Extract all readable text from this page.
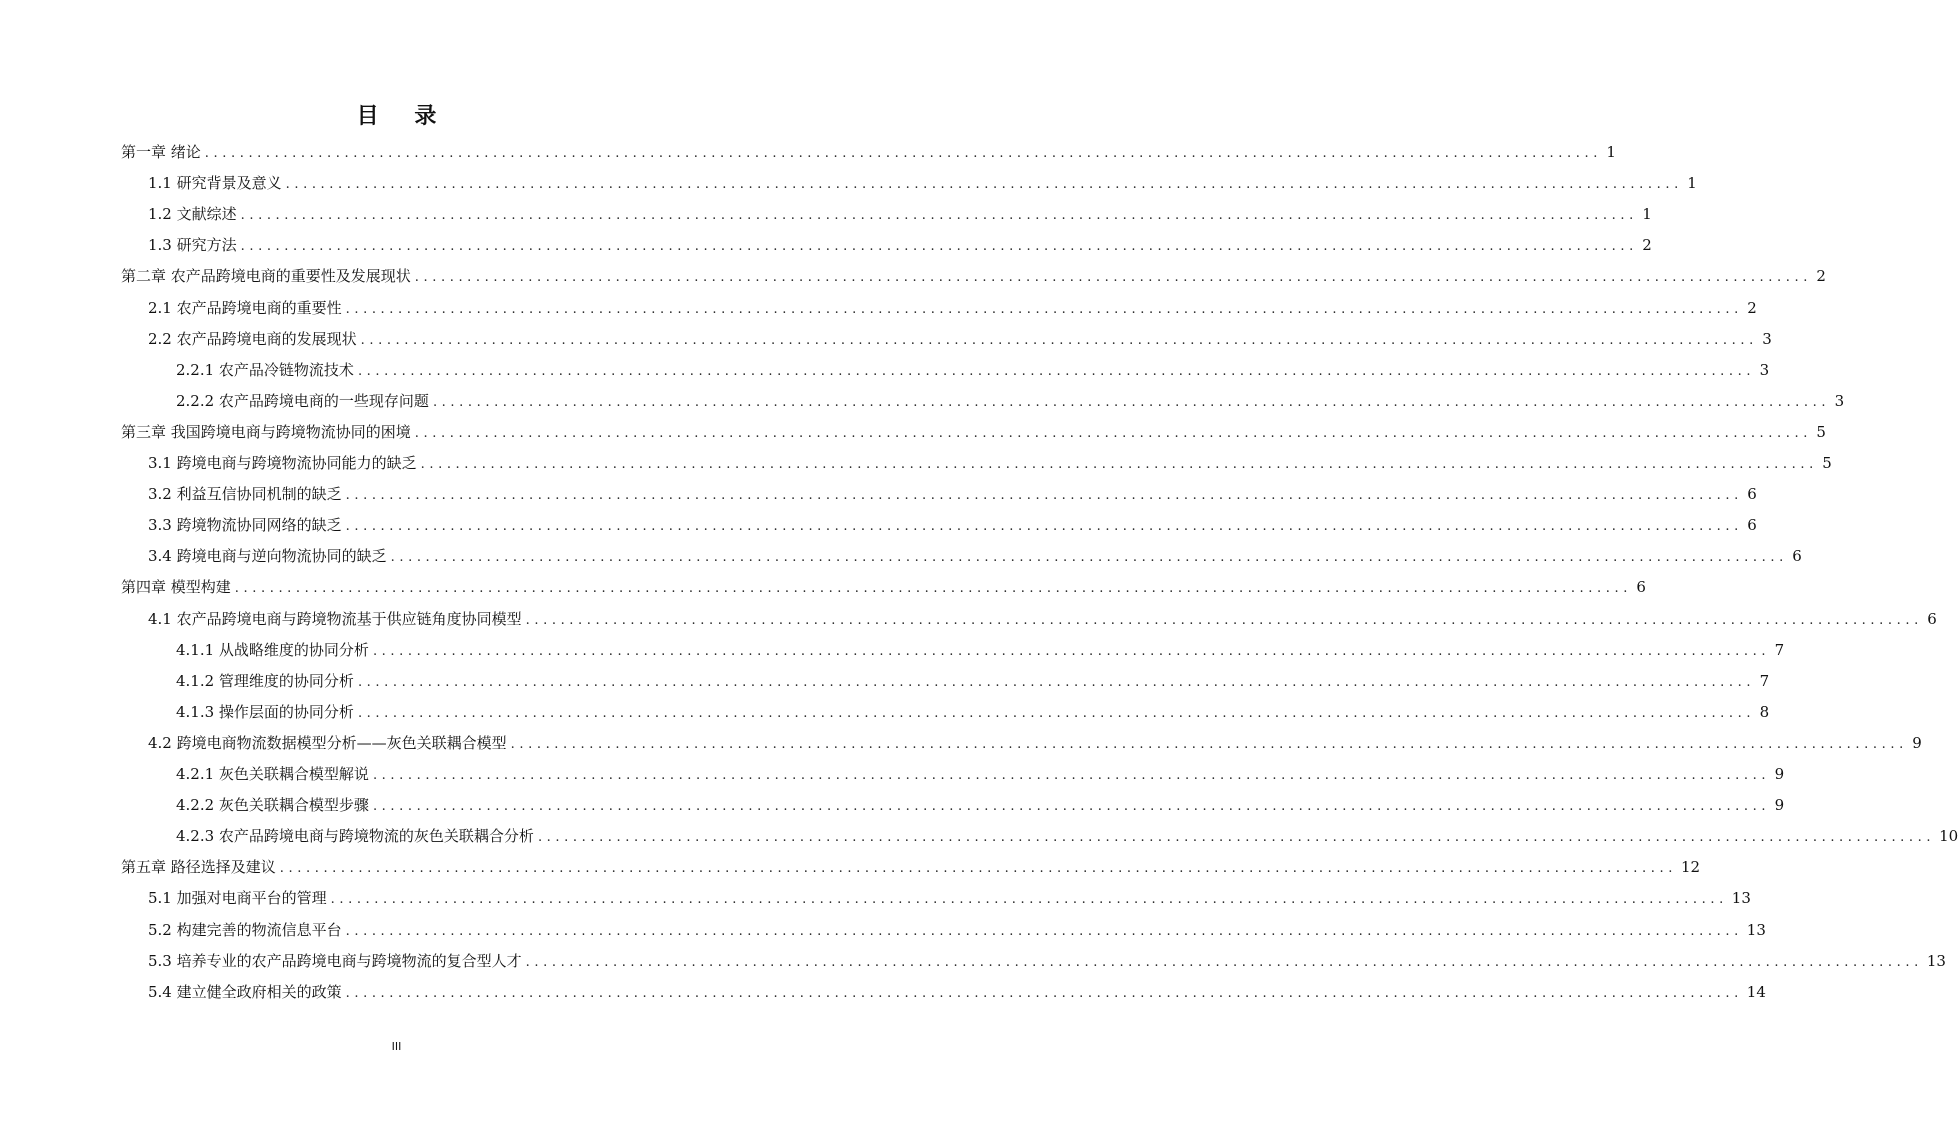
目 录
第一章 绪论 ................................................................................................................................................................ 1
1.1 研究背景及意义 ................................................................................................................................................................ 1
1.2 文献综述 ................................................................................................................................................................ 1
1.3 研究方法 ................................................................................................................................................................ 2
第二章 农产品跨境电商的重要性及发展现状 ................................................................................................................................................................ 2
2.1 农产品跨境电商的重要性 ................................................................................................................................................................ 2
2.2 农产品跨境电商的发展现状 ................................................................................................................................................................ 3
2.2.1 农产品冷链物流技术 ................................................................................................................................................................ 3
2.2.2 农产品跨境电商的一些现存问题 ................................................................................................................................................................ 3
第三章 我国跨境电商与跨境物流协同的困境 ................................................................................................................................................................ 5
3.1 跨境电商与跨境物流协同能力的缺乏 ................................................................................................................................................................ 5
3.2 利益互信协同机制的缺乏 ................................................................................................................................................................ 6
3.3 跨境物流协同网络的缺乏 ................................................................................................................................................................ 6
3.4 跨境电商与逆向物流协同的缺乏 ................................................................................................................................................................ 6
第四章 模型构建 ................................................................................................................................................................ 6
4.1 农产品跨境电商与跨境物流基于供应链角度协同模型 ................................................................................................................................................................ 6
4.1.1 从战略维度的协同分析 ................................................................................................................................................................ 7
4.1.2 管理维度的协同分析 ................................................................................................................................................................ 7
4.1.3 操作层面的协同分析 ................................................................................................................................................................ 8
4.2 跨境电商物流数据模型分析——灰色关联耦合模型 ................................................................................................................................................................ 9
4.2.1 灰色关联耦合模型解说 ................................................................................................................................................................ 9
4.2.2 灰色关联耦合模型步骤 ................................................................................................................................................................ 9
4.2.3 农产品跨境电商与跨境物流的灰色关联耦合分析 ................................................................................................................................................................ 10
第五章 路径选择及建议 ................................................................................................................................................................ 12
5.1 加强对电商平台的管理 ................................................................................................................................................................ 13
5.2 构建完善的物流信息平台 ................................................................................................................................................................ 13
5.3 培养专业的农产品跨境电商与跨境物流的复合型人才 ................................................................................................................................................................ 13
5.4 建立健全政府相关的政策 ................................................................................................................................................................ 14
III
